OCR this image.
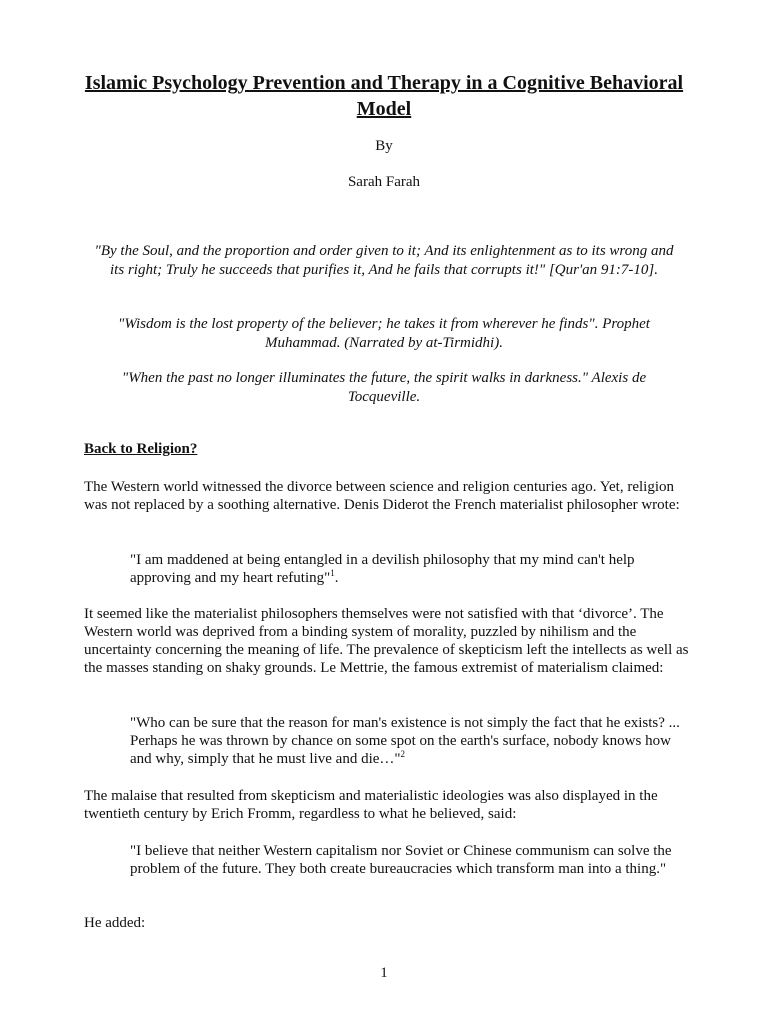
Islamic Psychology Prevention and Therapy in a Cognitive Behavioral Model

By

Sarah Farah

"By the Soul, and the proportion and order given to it; And its enlightenment as to its wrong and its right; Truly he succeeds that purifies it, And he fails that corrupts it!" [Qur'an 91:7-10].

"Wisdom is the lost property of the believer; he takes it from wherever he finds". Prophet Muhammad. (Narrated by at-Tirmidhi).

"When the past no longer illuminates the future, the spirit walks in darkness." Alexis de Tocqueville.

Back to Religion?

The Western world witnessed the divorce between science and religion centuries ago. Yet, religion was not replaced by a soothing alternative. Denis Diderot the French materialist philosopher wrote:

"I am maddened at being entangled in a devilish philosophy that my mind can't help approving and my heart refuting"$^1$.

It seemed like the materialist philosophers themselves were not satisfied with that ‘divorce’. The Western world was deprived from a binding system of morality, puzzled by nihilism and the uncertainty concerning the meaning of life. The prevalence of skepticism left the intellects as well as the masses standing on shaky grounds. Le Mettrie, the famous extremist of materialism claimed:

"Who can be sure that the reason for man's existence is not simply the fact that he exists? ... Perhaps he was thrown by chance on some spot on the earth's surface, nobody knows how and why, simply that he must live and die…"$^2$

The malaise that resulted from skepticism and materialistic ideologies was also displayed in the twentieth century by Erich Fromm, regardless to what he believed, said:

"I believe that neither Western capitalism nor Soviet or Chinese communism can solve the problem of the future. They both create bureaucracies which transform man into a thing."

He added:

1
